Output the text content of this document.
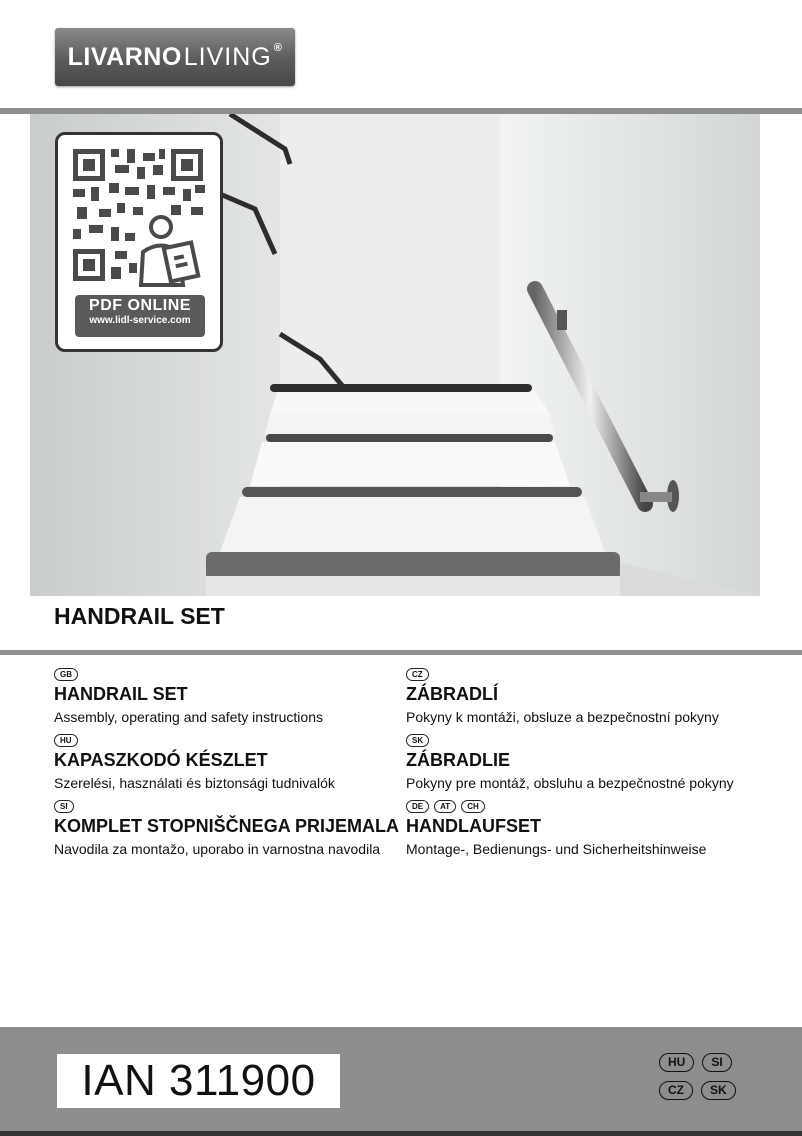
LIVARNO LIVING ®
PDF ONLINE
www.lidl-service.com
HANDRAIL SET
GB
HANDRAIL SET

Assembly, operating and safety instructions

HU
KAPASZKODÓ KÉSZLET

Szerelési, használati és biztonsági tudnivalók

SI
KOMPLET STOPNIŠČNEGA PRIJEMALA

Navodila za montažo, uporabo in varnostna navodila

CZ
ZÁBRADLÍ

Pokyny k montáži, obsluze a bezpečnostní pokyny

SK
ZÁBRADLIE

Pokyny pre montáž, obsluhu a bezpečnostné pokyny

DE	AT	CH
HANDLAUFSET

Montage-, Bedienungs- und Sicherheitshinweise

IAN 311900	HU	SI
CZ	SK
